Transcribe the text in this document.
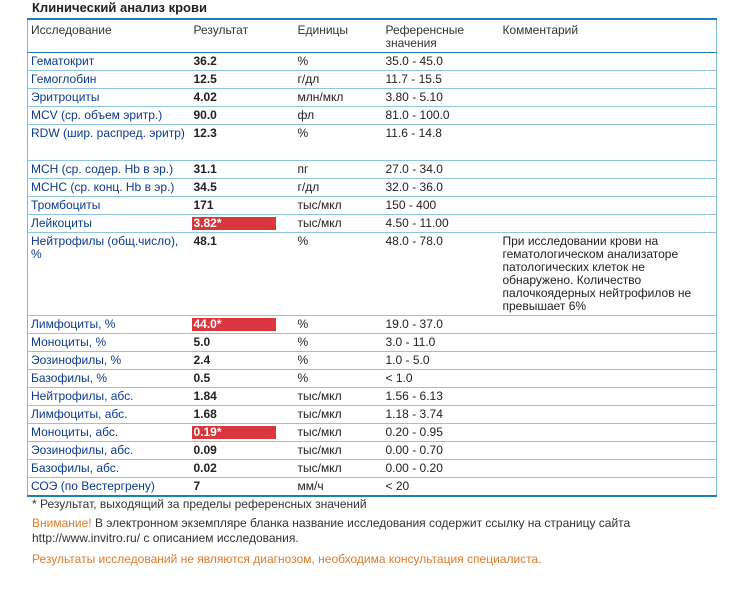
Клинический анализ крови
Исследование	Результат	Единицы	Референсные значения	Комментарий
Гематокрит	36.2	%	35.0 - 45.0	
Гемоглобин	12.5	г/дл	11.7 - 15.5	
Эритроциты	4.02	млн/мкл	3.80 - 5.10	
MCV (ср. объем эритр.)	90.0	фл	81.0 - 100.0	
RDW (шир. распред. эритр)	12.3	%	11.6 - 14.8	
MCH (ср. содер. Hb в эр.)	31.1	пг	27.0 - 34.0	
MCHC (ср. конц. Hb в эр.)	34.5	г/дл	32.0 - 36.0	
Тромбоциты	171	тыс/мкл	150 - 400	
Лейкоциты	3.82*	тыс/мкл	4.50 - 11.00	
Нейтрофилы (общ.число), %	48.1	%	48.0 - 78.0	При исследовании крови на гематологическом анализаторе патологических клеток не обнаружено. Количество палочкоядерных нейтрофилов не превышает 6%
Лимфоциты, %	44.0*	%	19.0 - 37.0	
Моноциты, %	5.0	%	3.0 - 11.0	
Эозинофилы, %	2.4	%	1.0 - 5.0	
Базофилы, %	0.5	%	< 1.0	
Нейтрофилы, абс.	1.84	тыс/мкл	1.56 - 6.13	
Лимфоциты, абс.	1.68	тыс/мкл	1.18 - 3.74	
Моноциты, абс.	0.19*	тыс/мкл	0.20 - 0.95	
Эозинофилы, абс.	0.09	тыс/мкл	0.00 - 0.70	
Базофилы, абс.	0.02	тыс/мкл	0.00 - 0.20	
СОЭ (по Вестергрену)	7	мм/ч	< 20	
* Результат, выходящий за пределы референсных значений
Внимание! В электронном экземпляре бланка название исследования содержит ссылку на страницу сайта http://www.invitro.ru/ с описанием исследования.
Результаты исследований не являются диагнозом, необходима консультация специалиста.
